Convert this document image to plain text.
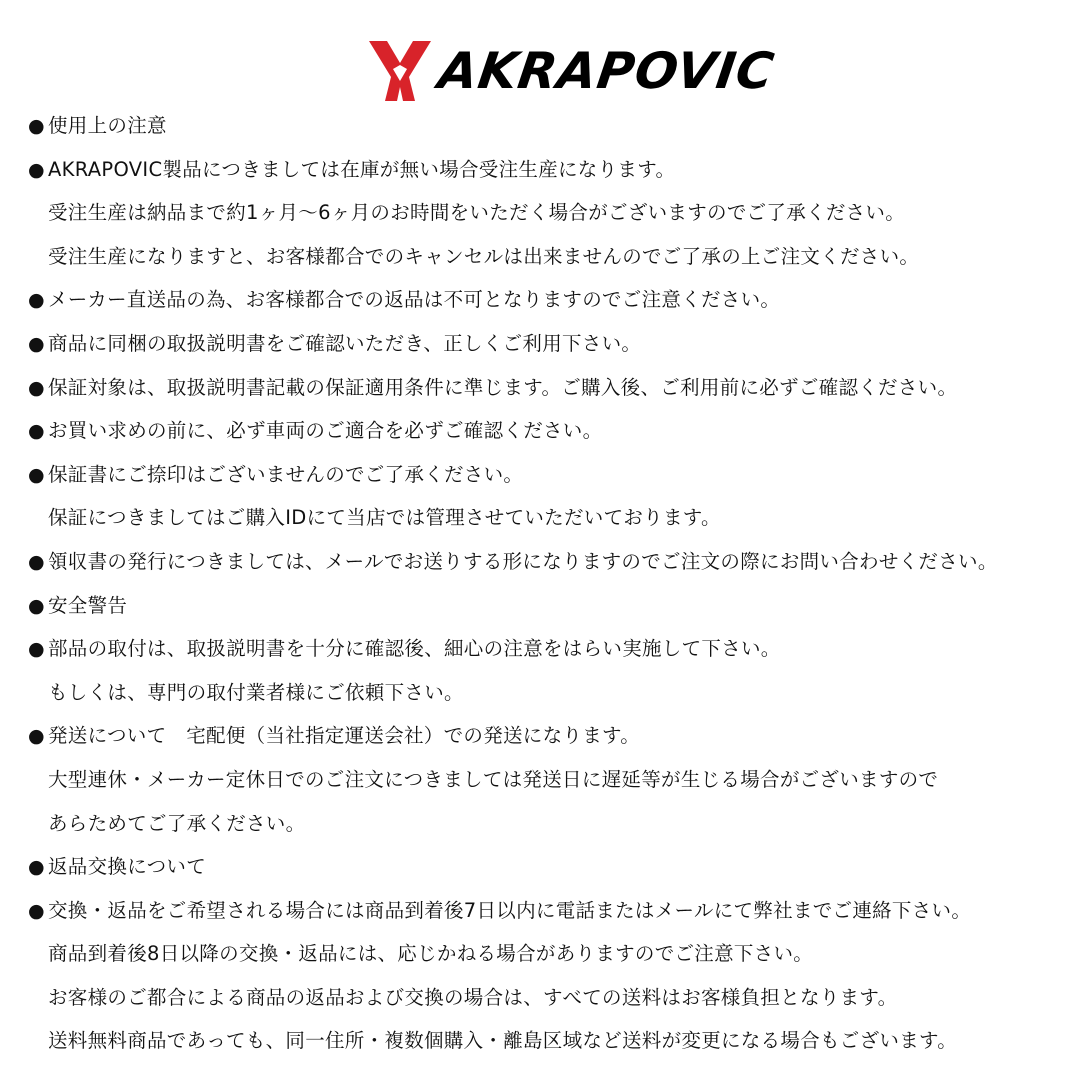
AKRAPOVIC
● 使用上の注意
● AKRAPOVIC製品につきましては在庫が無い場合受注生産になります。
受注生産は納品まで約1ヶ月〜6ヶ月のお時間をいただく場合がございますのでご了承ください。
受注生産になりますと、お客様都合でのキャンセルは出来ませんのでご了承の上ご注文ください。
● メーカー直送品の為、お客様都合での返品は不可となりますのでご注意ください。
● 商品に同梱の取扱説明書をご確認いただき、正しくご利用下さい。
● 保証対象は、取扱説明書記載の保証適用条件に準じます。ご購入後、ご利用前に必ずご確認ください。
● お買い求めの前に、必ず車両のご適合を必ずご確認ください。
● 保証書にご捺印はございませんのでご了承ください。
保証につきましてはご購入IDにて当店では管理させていただいております。
● 領収書の発行につきましては、メールでお送りする形になりますのでご注文の際にお問い合わせください。
● 安全警告
● 部品の取付は、取扱説明書を十分に確認後、細心の注意をはらい実施して下さい。
もしくは、専門の取付業者様にご依頼下さい。
● 発送について　宅配便（当社指定運送会社）での発送になります。
大型連休・メーカー定休日でのご注文につきましては発送日に遅延等が生じる場合がございますので
あらためてご了承ください。
● 返品交換について
● 交換・返品をご希望される場合には商品到着後7日以内に電話またはメールにて弊社までご連絡下さい。
商品到着後8日以降の交換・返品には、応じかねる場合がありますのでご注意下さい。
お客様のご都合による商品の返品および交換の場合は、すべての送料はお客様負担となります。
送料無料商品であっても、同一住所・複数個購入・離島区域など送料が変更になる場合もございます。
